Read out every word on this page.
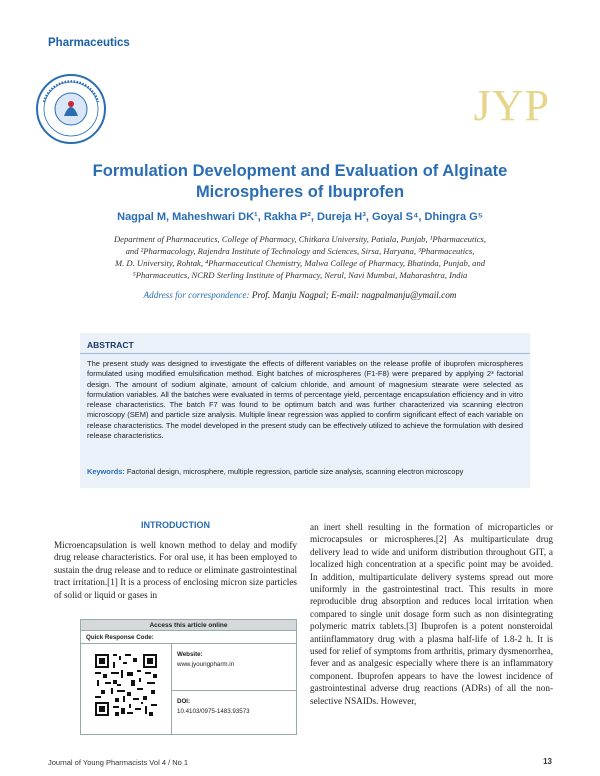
Pharmaceutics
JYP
Formulation Development and Evaluation of Alginate
Microspheres of Ibuprofen
Nagpal M, Maheshwari DK¹, Rakha P², Dureja H³, Goyal S⁴, Dhingra G⁵
Department of Pharmaceutics, College of Pharmacy, Chitkara University, Patiala, Punjab, ¹Pharmaceutics,
and ²Pharmacology, Rajendra Institute of Technology and Sciences, Sirsa, Haryana, ³Pharmaceutics,
M. D. University, Rohtak, ⁴Pharmaceutical Chemistry, Malwa College of Pharmacy, Bhatinda, Punjab, and
⁵Pharmaceutics, NCRD Sterling Institute of Pharmacy, Nerul, Navi Mumbai, Maharashtra, India
Address for correspondence: Prof. Manju Nagpal; E-mail: nagpalmanju@ymail.com
ABSTRACT
The present study was designed to investigate the effects of different variables on the release profile of ibuprofen microspheres formulated using modified emulsification method. Eight batches of microspheres (F1-F8) were prepared by applying 2³ factorial design. The amount of sodium alginate, amount of calcium chloride, and amount of magnesium stearate were selected as formulation variables. All the batches were evaluated in terms of percentage yield, percentage encapsulation efficiency and in vitro release characteristics. The batch F7 was found to be optimum batch and was further characterized via scanning electron microscopy (SEM) and particle size analysis. Multiple linear regression was applied to confirm significant effect of each variable on release characteristics. The model developed in the present study can be effectively utilized to achieve the formulation with desired release characteristics.
Keywords: Factorial design, microsphere, multiple regression, particle size analysis, scanning electron microscopy
INTRODUCTION
Microencapsulation is well known method to delay and modify drug release characteristics. For oral use, it has been employed to sustain the drug release and to reduce or eliminate gastrointestinal tract irritation.[1] It is a process of enclosing micron size particles of solid or liquid or gases in
Access this article online
Quick Response Code:
Website:
www.jyoungpharm.in
DOI:
10.4103/0975-1483.93573
an inert shell resulting in the formation of microparticles or microcapsules or microspheres.[2] As multiparticulate drug delivery lead to wide and uniform distribution throughout GIT, a localized high concentration at a specific point may be avoided. In addition, multiparticulate delivery systems spread out more uniformly in the gastrointestinal tract. This results in more reproducible drug absorption and reduces local irritation when compared to single unit dosage form such as non disintegrating polymeric matrix tablets.[3] Ibuprofen is a potent nonsteroidal antiinflammatory drug with a plasma half-life of 1.8-2 h. It is used for relief of symptoms from arthritis, primary dysmenorrhea, fever and as analgesic especially where there is an inflammatory component. Ibuprofen appears to have the lowest incidence of gastrointestinal adverse drug reactions (ADRs) of all the non-selective NSAIDs. However,
Journal of Young Pharmacists Vol 4 / No 1	13
